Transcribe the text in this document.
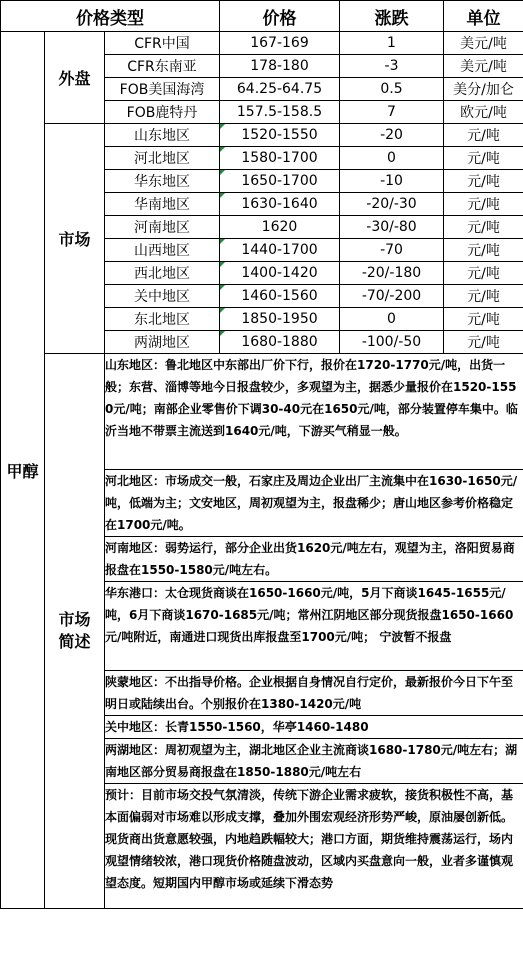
价格类型			价格	涨跌	单位
甲醇	外盘	CFR中国	167-169	1	美元/吨
		CFR东南亚	178-180	-3	美元/吨
		FOB美国海湾	64.25-64.75	0.5	美分/加仑
		FOB鹿特丹	157.5-158.5	7	欧元/吨
	市场	山东地区	1520-1550	-20	元/吨
		河北地区	1580-1700	0	元/吨
		华东地区	1650-1700	-10	元/吨
		华南地区	1630-1640	-20/-30	元/吨
		河南地区	1620	-30/-80	元/吨
		山西地区	1440-1700	-70	元/吨
		西北地区	1400-1420	-20/-180	元/吨
		关中地区	1460-1560	-70/-200	元/吨
		东北地区	1850-1950	0	元/吨
		两湖地区	1680-1880	-100/-50	元/吨
	市场简述	山东地区：鲁北地区中东部出厂价下行，报价在1720-1770元/吨，出货一般；东营、淄博等地今日报盘较少，多观望为主，据悉少量报价在1520-1550元/吨；南部企业零售价下调30-40元在1650元/吨，部分装置停车集中。临沂当地不带票主流送到1640元/吨，下游买气稍显一般。			
		河北地区：市场成交一般，石家庄及周边企业出厂主流集中在1630-1650元/吨，低端为主；文安地区，周初观望为主，报盘稀少；唐山地区参考价格稳定在1700元/吨。			
		河南地区：弱势运行，部分企业出货1620元/吨左右，观望为主，洛阳贸易商报盘在1550-1580元/吨左右。			
		华东港口：太仓现货商谈在1650-1660元/吨，5月下商谈1645-1655元/吨，6月下商谈1670-1685元/吨；常州江阴地区部分现货报盘1650-1660元/吨附近，南通进口现货出库报盘至1700元/吨； 宁波暂不报盘			
		陕蒙地区：不出指导价格。企业根据自身情况自行定价，最新报价今日下午至明日或陆续出台。个别报价在1380-1420元/吨			
		关中地区：长青1550-1560，华亭1460-1480			
		两湖地区：周初观望为主，湖北地区企业主流商谈1680-1780元/吨左右；湖南地区部分贸易商报盘在1850-1880元/吨左右			
		预计：目前市场交投气氛清淡，传统下游企业需求疲软，接货积极性不高，基本面偏弱对市场难以形成支撑，叠加外围宏观经济形势严峻，原油屡创新低。现货商出货意愿较强，内地趋跌幅较大；港口方面，期货维持震荡运行，场内观望情绪较浓，港口现货价格随盘波动，区域内买盘意向一般，业者多谨慎观望态度。短期国内甲醇市场或延续下滑态势			
